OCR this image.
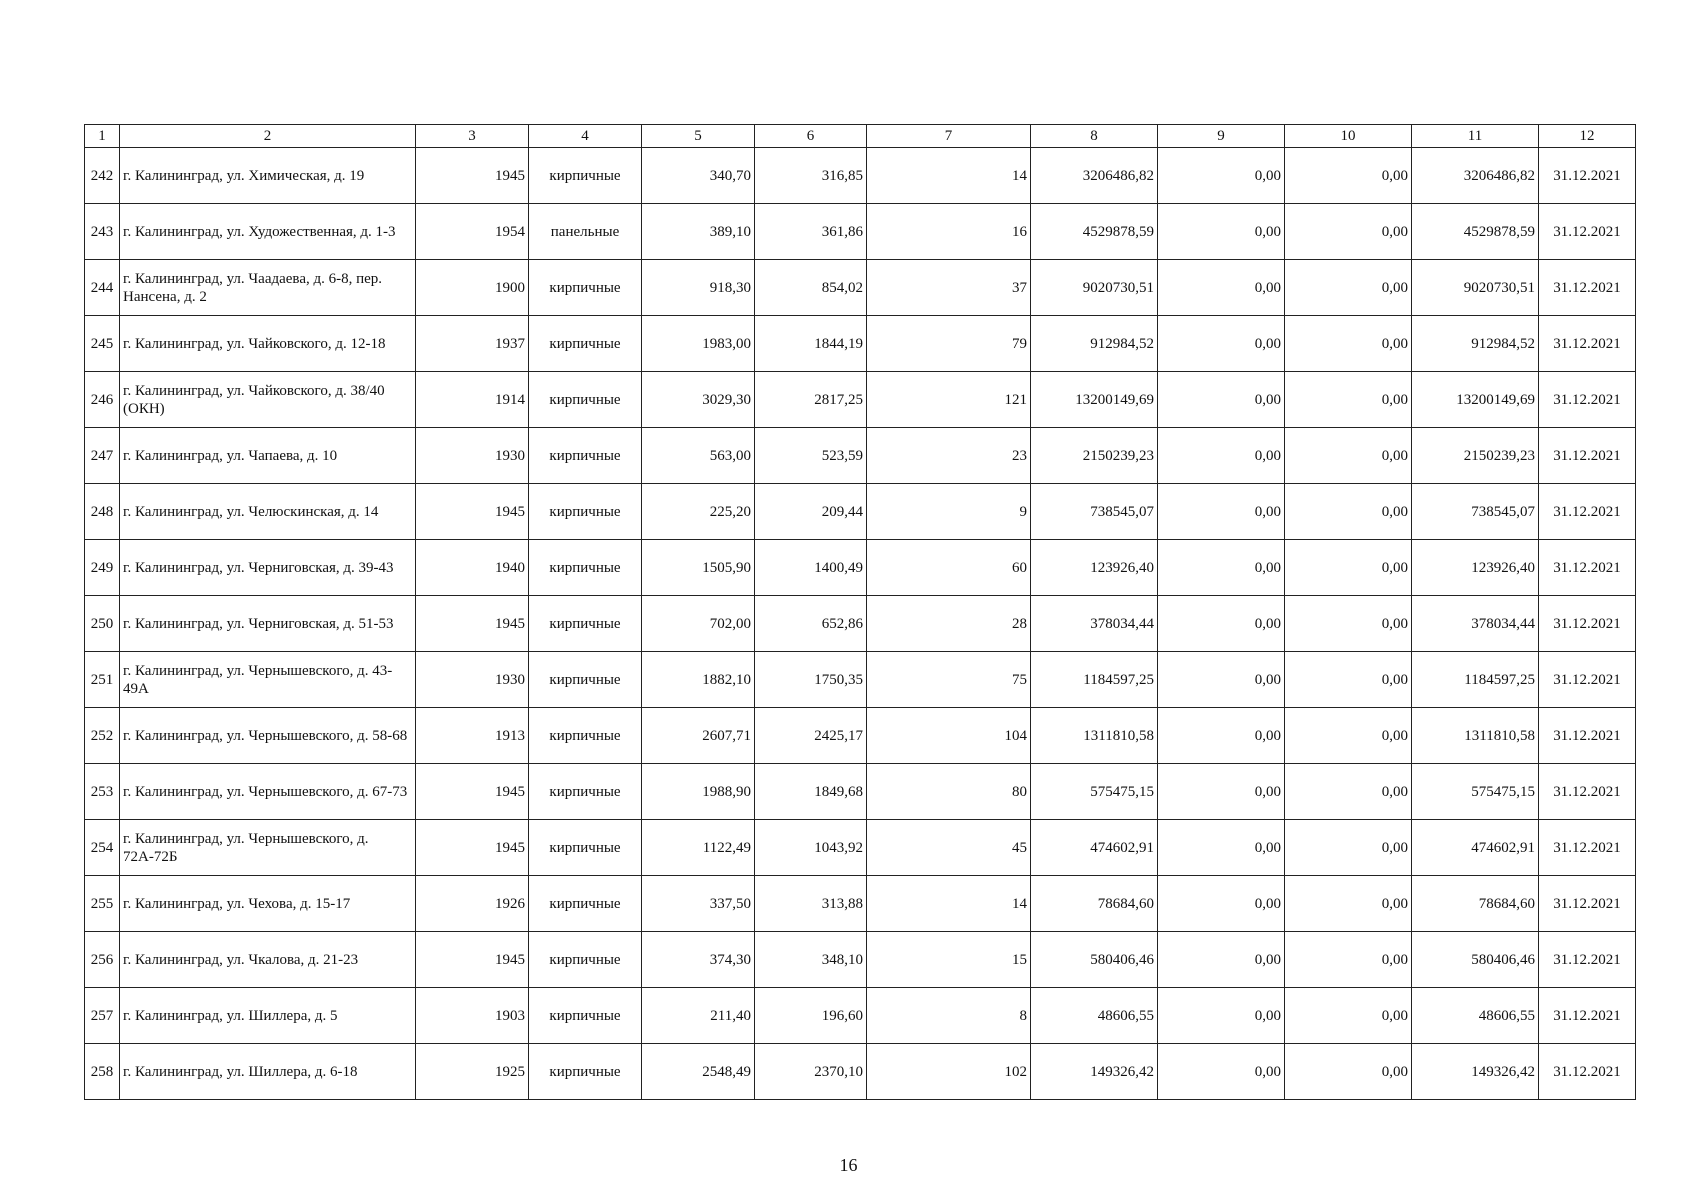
1	2	3	4	5	6	7	8	9	10	11	12
242	г. Калининград, ул. Химическая, д. 19	1945	кирпичные	340,70	316,85	14	3206486,82	0,00	0,00	3206486,82	31.12.2021
243	г. Калининград, ул. Художественная, д. 1-3	1954	панельные	389,10	361,86	16	4529878,59	0,00	0,00	4529878,59	31.12.2021
244	г. Калининград, ул. Чаадаева, д. 6-8, пер. Нансена, д. 2	1900	кирпичные	918,30	854,02	37	9020730,51	0,00	0,00	9020730,51	31.12.2021
245	г. Калининград, ул. Чайковского, д. 12-18	1937	кирпичные	1983,00	1844,19	79	912984,52	0,00	0,00	912984,52	31.12.2021
246	г. Калининград, ул. Чайковского, д. 38/40 (ОКН)	1914	кирпичные	3029,30	2817,25	121	13200149,69	0,00	0,00	13200149,69	31.12.2021
247	г. Калининград, ул. Чапаева, д. 10	1930	кирпичные	563,00	523,59	23	2150239,23	0,00	0,00	2150239,23	31.12.2021
248	г. Калининград, ул. Челюскинская, д. 14	1945	кирпичные	225,20	209,44	9	738545,07	0,00	0,00	738545,07	31.12.2021
249	г. Калининград, ул. Черниговская, д. 39-43	1940	кирпичные	1505,90	1400,49	60	123926,40	0,00	0,00	123926,40	31.12.2021
250	г. Калининград, ул. Черниговская, д. 51-53	1945	кирпичные	702,00	652,86	28	378034,44	0,00	0,00	378034,44	31.12.2021
251	г. Калининград, ул. Чернышевского, д. 43-49А	1930	кирпичные	1882,10	1750,35	75	1184597,25	0,00	0,00	1184597,25	31.12.2021
252	г. Калининград, ул. Чернышевского, д. 58-68	1913	кирпичные	2607,71	2425,17	104	1311810,58	0,00	0,00	1311810,58	31.12.2021
253	г. Калининград, ул. Чернышевского, д. 67-73	1945	кирпичные	1988,90	1849,68	80	575475,15	0,00	0,00	575475,15	31.12.2021
254	г. Калининград, ул. Чернышевского, д. 72А-72Б	1945	кирпичные	1122,49	1043,92	45	474602,91	0,00	0,00	474602,91	31.12.2021
255	г. Калининград, ул. Чехова, д. 15-17	1926	кирпичные	337,50	313,88	14	78684,60	0,00	0,00	78684,60	31.12.2021
256	г. Калининград, ул. Чкалова, д. 21-23	1945	кирпичные	374,30	348,10	15	580406,46	0,00	0,00	580406,46	31.12.2021
257	г. Калининград, ул. Шиллера, д. 5	1903	кирпичные	211,40	196,60	8	48606,55	0,00	0,00	48606,55	31.12.2021
258	г. Калининград, ул. Шиллера, д. 6-18	1925	кирпичные	2548,49	2370,10	102	149326,42	0,00	0,00	149326,42	31.12.2021
16
